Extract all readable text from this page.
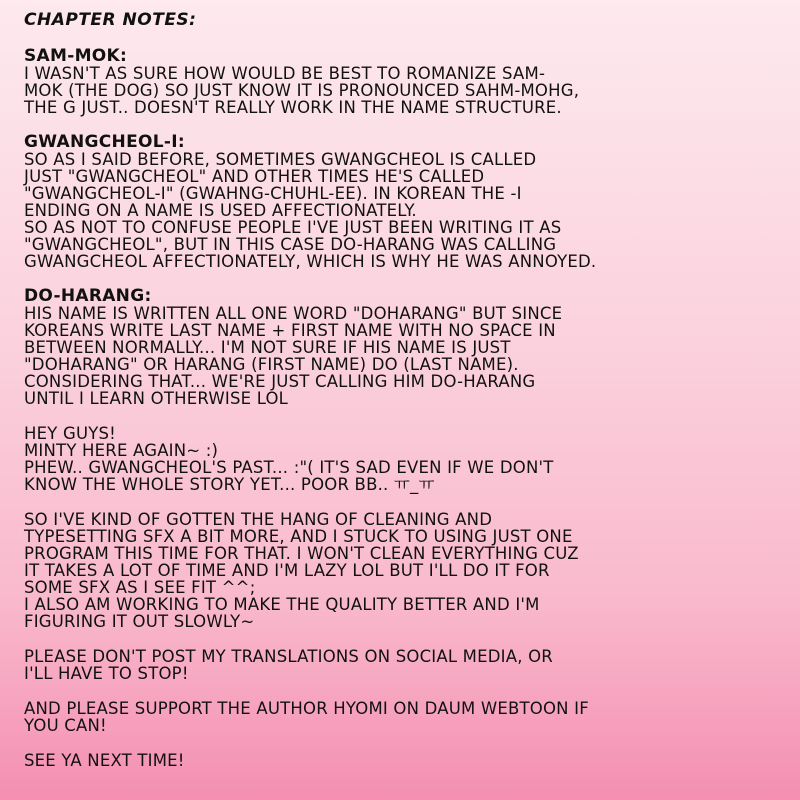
CHAPTER NOTES:
SAM-MOK:
I WASN'T AS SURE HOW WOULD BE BEST TO ROMANIZE SAM-
MOK (THE DOG) SO JUST KNOW IT IS PRONOUNCED SAHM-MOHG,
THE G JUST.. DOESN'T REALLY WORK IN THE NAME STRUCTURE.
GWANGCHEOL-I:
SO AS I SAID BEFORE, SOMETIMES GWANGCHEOL IS CALLED
JUST "GWANGCHEOL" AND OTHER TIMES HE'S CALLED
"GWANGCHEOL-I" (GWAHNG-CHUHL-EE). IN KOREAN THE -I
ENDING ON A NAME IS USED AFFECTIONATELY.
SO AS NOT TO CONFUSE PEOPLE I'VE JUST BEEN WRITING IT AS
"GWANGCHEOL", BUT IN THIS CASE DO-HARANG WAS CALLING
GWANGCHEOL AFFECTIONATELY, WHICH IS WHY HE WAS ANNOYED.
DO-HARANG:
HIS NAME IS WRITTEN ALL ONE WORD "DOHARANG" BUT SINCE
KOREANS WRITE LAST NAME + FIRST NAME WITH NO SPACE IN
BETWEEN NORMALLY... I'M NOT SURE IF HIS NAME IS JUST
"DOHARANG" OR HARANG (FIRST NAME) DO (LAST NAME).
CONSIDERING THAT... WE'RE JUST CALLING HIM DO-HARANG
UNTIL I LEARN OTHERWISE LOL
HEY GUYS!
MINTY HERE AGAIN~ :)
PHEW.. GWANGCHEOL'S PAST... :"( IT'S SAD EVEN IF WE DON'T
KNOW THE WHOLE STORY YET... POOR BB.. ㅠ_ㅠ
SO I'VE KIND OF GOTTEN THE HANG OF CLEANING AND
TYPESETTING SFX A BIT MORE, AND I STUCK TO USING JUST ONE
PROGRAM THIS TIME FOR THAT. I WON'T CLEAN EVERYTHING CUZ
IT TAKES A LOT OF TIME AND I'M LAZY LOL BUT I'LL DO IT FOR
SOME SFX AS I SEE FIT ^^;
I ALSO AM WORKING TO MAKE THE QUALITY BETTER AND I'M
FIGURING IT OUT SLOWLY~
PLEASE DON'T POST MY TRANSLATIONS ON SOCIAL MEDIA, OR
I'LL HAVE TO STOP!
AND PLEASE SUPPORT THE AUTHOR HYOMI ON DAUM WEBTOON IF
YOU CAN!
SEE YA NEXT TIME!
